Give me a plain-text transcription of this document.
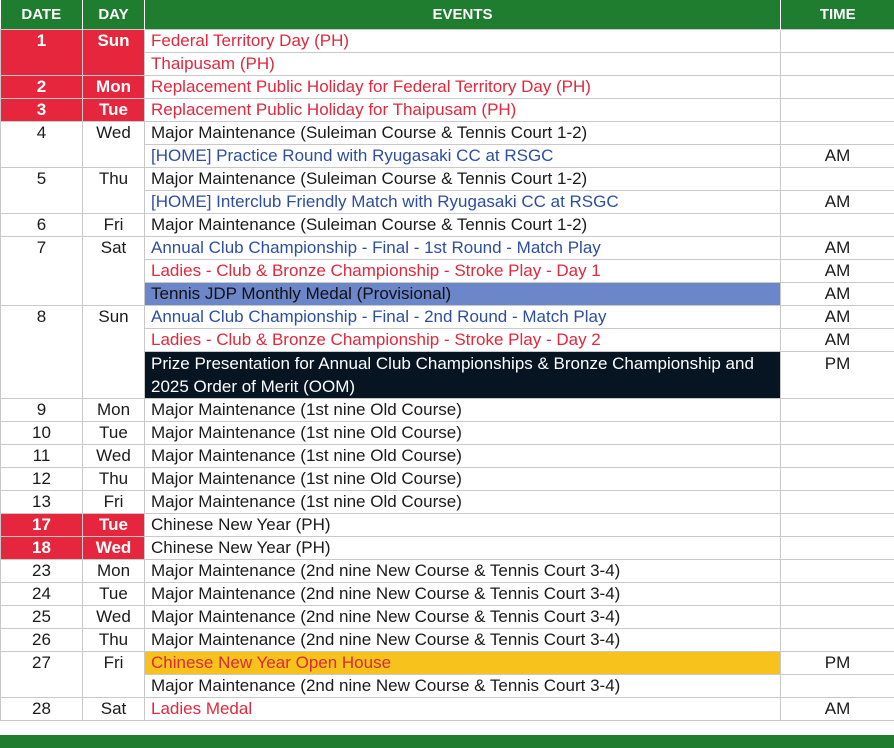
DATE	DAY	EVENTS	TIME
1	Sun	Federal Territory Day (PH)	
		Thaipusam (PH)	
2	Mon	Replacement Public Holiday for Federal Territory Day (PH)	
3	Tue	Replacement Public Holiday for Thaipusam (PH)	
4	Wed	Major Maintenance (Suleiman Course & Tennis Court 1-2)	
		[HOME] Practice Round with Ryugasaki CC at RSGC	AM
5	Thu	Major Maintenance (Suleiman Course & Tennis Court 1-2)	
		[HOME] Interclub Friendly Match with Ryugasaki CC at RSGC	AM
6	Fri	Major Maintenance (Suleiman Course & Tennis Court 1-2)	
7	Sat	Annual Club Championship - Final - 1st Round - Match Play	AM
		Ladies - Club & Bronze Championship - Stroke Play - Day 1	AM
		Tennis JDP Monthly Medal (Provisional)	AM
8	Sun	Annual Club Championship - Final - 2nd Round - Match Play	AM
		Ladies - Club & Bronze Championship - Stroke Play - Day 2	AM

		Prize Presentation for Annual Club Championships & Bronze Championship and 2025 Order of Merit (OOM)	PM
9	Mon	Major Maintenance (1st nine Old Course)	
10	Tue	Major Maintenance (1st nine Old Course)	
11	Wed	Major Maintenance (1st nine Old Course)	
12	Thu	Major Maintenance (1st nine Old Course)	
13	Fri	Major Maintenance (1st nine Old Course)	
17	Tue	Chinese New Year (PH)	
18	Wed	Chinese New Year (PH)	
23	Mon	Major Maintenance (2nd nine New Course & Tennis Court 3-4)	
24	Tue	Major Maintenance (2nd nine New Course & Tennis Court 3-4)	
25	Wed	Major Maintenance (2nd nine New Course & Tennis Court 3-4)	
26	Thu	Major Maintenance (2nd nine New Course & Tennis Court 3-4)	
27	Fri	Chinese New Year Open House	PM
		Major Maintenance (2nd nine New Course & Tennis Court 3-4)	
28	Sat	Ladies Medal	AM
